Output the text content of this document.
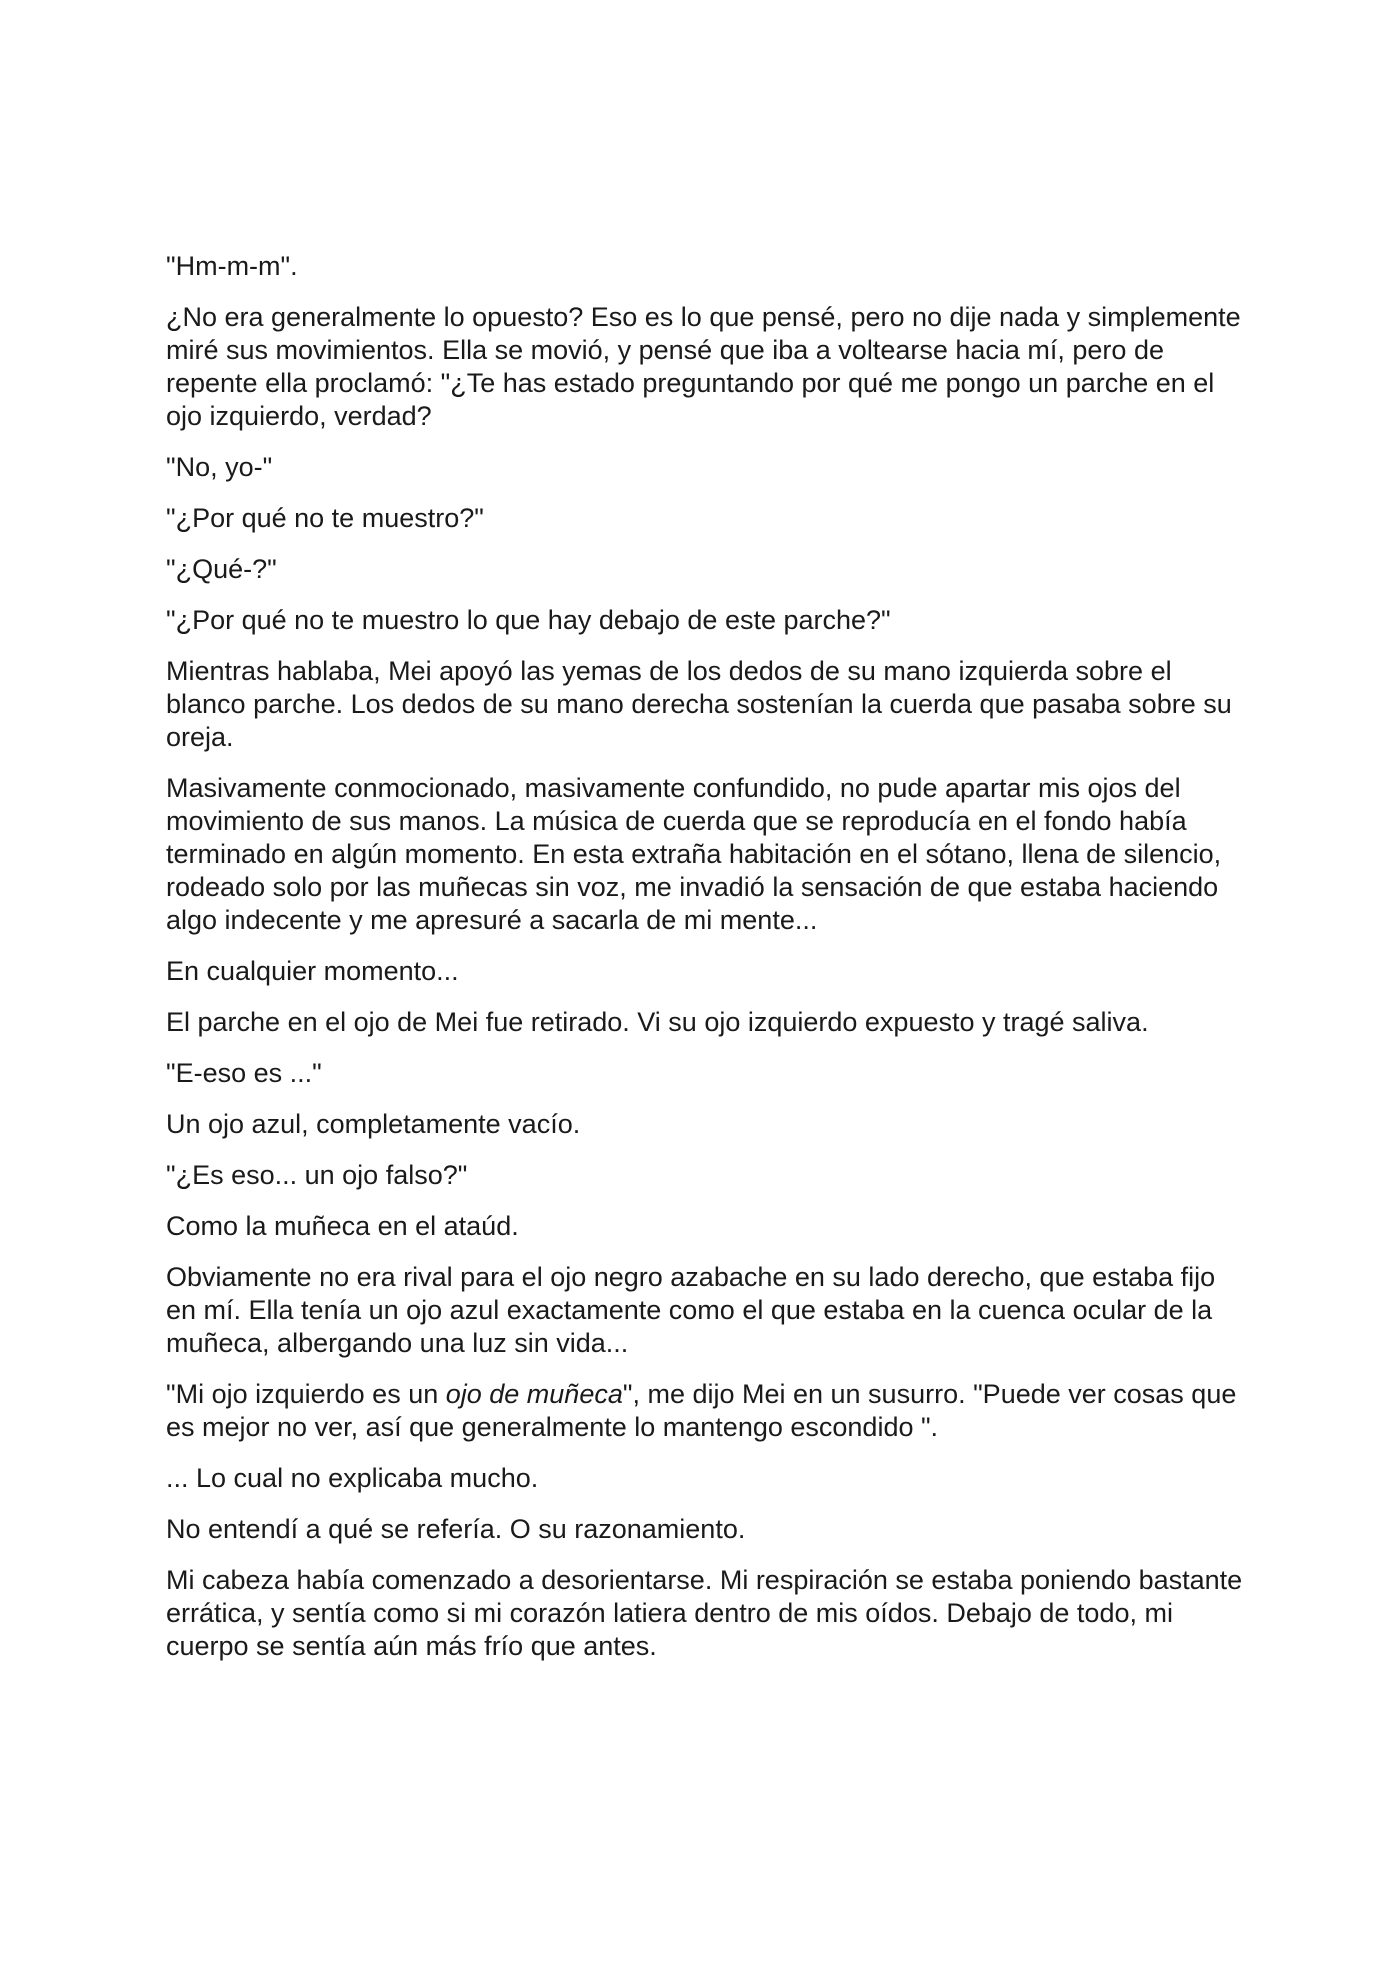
"Hm-m-m".

¿No era generalmente lo opuesto? Eso es lo que pensé, pero no dije nada y simplemente miré sus movimientos. Ella se movió, y pensé que iba a voltearse hacia mí, pero de repente ella proclamó: "¿Te has estado preguntando por qué me pongo un parche en el ojo izquierdo, verdad?

"No, yo-"

"¿Por qué no te muestro?"

"¿Qué-?"

"¿Por qué no te muestro lo que hay debajo de este parche?"

Mientras hablaba, Mei apoyó las yemas de los dedos de su mano izquierda sobre el blanco parche. Los dedos de su mano derecha sostenían la cuerda que pasaba sobre su oreja.

Masivamente conmocionado, masivamente confundido, no pude apartar mis ojos del movimiento de sus manos. La música de cuerda que se reproducía en el fondo había terminado en algún momento. En esta extraña habitación en el sótano, llena de silencio, rodeado solo por las muñecas sin voz, me invadió la sensación de que estaba haciendo algo indecente y me apresuré a sacarla de mi mente...

En cualquier momento...

El parche en el ojo de Mei fue retirado. Vi su ojo izquierdo expuesto y tragé saliva.

"E-eso es ..."

Un ojo azul, completamente vacío.

"¿Es eso... un ojo falso?"

Como la muñeca en el ataúd.

Obviamente no era rival para el ojo negro azabache en su lado derecho, que estaba fijo en mí. Ella tenía un ojo azul exactamente como el que estaba en la cuenca ocular de la muñeca, albergando una luz sin vida...

"Mi ojo izquierdo es un ojo de muñeca", me dijo Mei en un susurro. "Puede ver cosas que es mejor no ver, así que generalmente lo mantengo escondido ".

... Lo cual no explicaba mucho.

No entendí a qué se refería. O su razonamiento.

Mi cabeza había comenzado a desorientarse. Mi respiración se estaba poniendo bastante errática, y sentía como si mi corazón latiera dentro de mis oídos. Debajo de todo, mi cuerpo se sentía aún más frío que antes.
